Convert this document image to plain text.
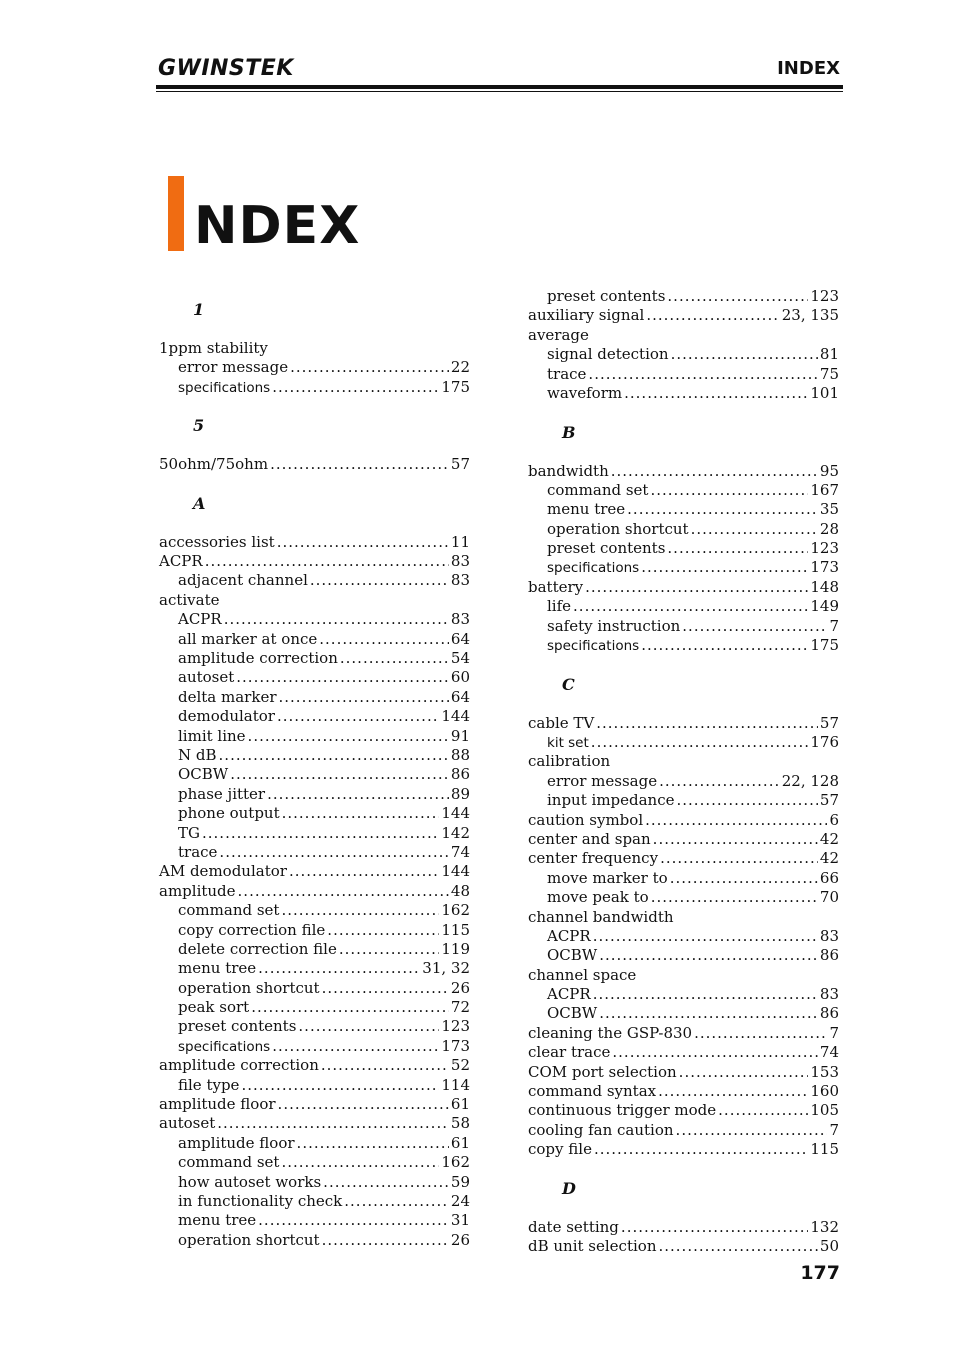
GWINSTEK	INDEX
NDEX
1
1ppm stability
error message .....	22
specifications .....	175
5
50ohm/75ohm .....	57
A
accessories list .....	11
ACPR .....	83
adjacent channel .....	83
activate
ACPR .....	83
all marker at once .....	64
amplitude correction .....	54
autoset .....	60
delta marker .....	64
demodulator .....	144
limit line .....	91
N dB .....	88
OCBW .....	86
phase jitter .....	89
phone output .....	144
TG .....	142
trace .....	74
AM demodulator .....	144
amplitude .....	48
command set .....	162
copy correction file .....	115
delete correction file .....	119
menu tree .....	31, 32
operation shortcut .....	26
peak sort .....	72
preset contents .....	123
specifications .....	173
amplitude correction .....	52
file type .....	114
amplitude floor .....	61
autoset .....	58
amplitude floor .....	61
command set .....	162
how autoset works .....	59
in functionality check .....	24
menu tree .....	31
operation shortcut .....	26
preset contents .....	123
auxiliary signal .....	23, 135
average
signal detection .....	81
trace .....	75
waveform .....	101
B
bandwidth .....	95
command set .....	167
menu tree .....	35
operation shortcut .....	28
preset contents .....	123
specifications .....	173
battery .....	148
life .....	149
safety instruction .....	7
specifications .....	175
C
cable TV .....	57
kit set .....	176
calibration
error message .....	22, 128
input impedance .....	57
caution symbol .....	6
center and span .....	42
center frequency .....	42
move marker to .....	66
move peak to .....	70
channel bandwidth
ACPR .....	83
OCBW .....	86
channel space
ACPR .....	83
OCBW .....	86
cleaning the GSP-830 .....	7
clear trace .....	74
COM port selection .....	153
command syntax .....	160
continuous trigger mode .....	105
cooling fan caution .....	7
copy file .....	115
D
date setting .....	132
dB unit selection .....	50
177
